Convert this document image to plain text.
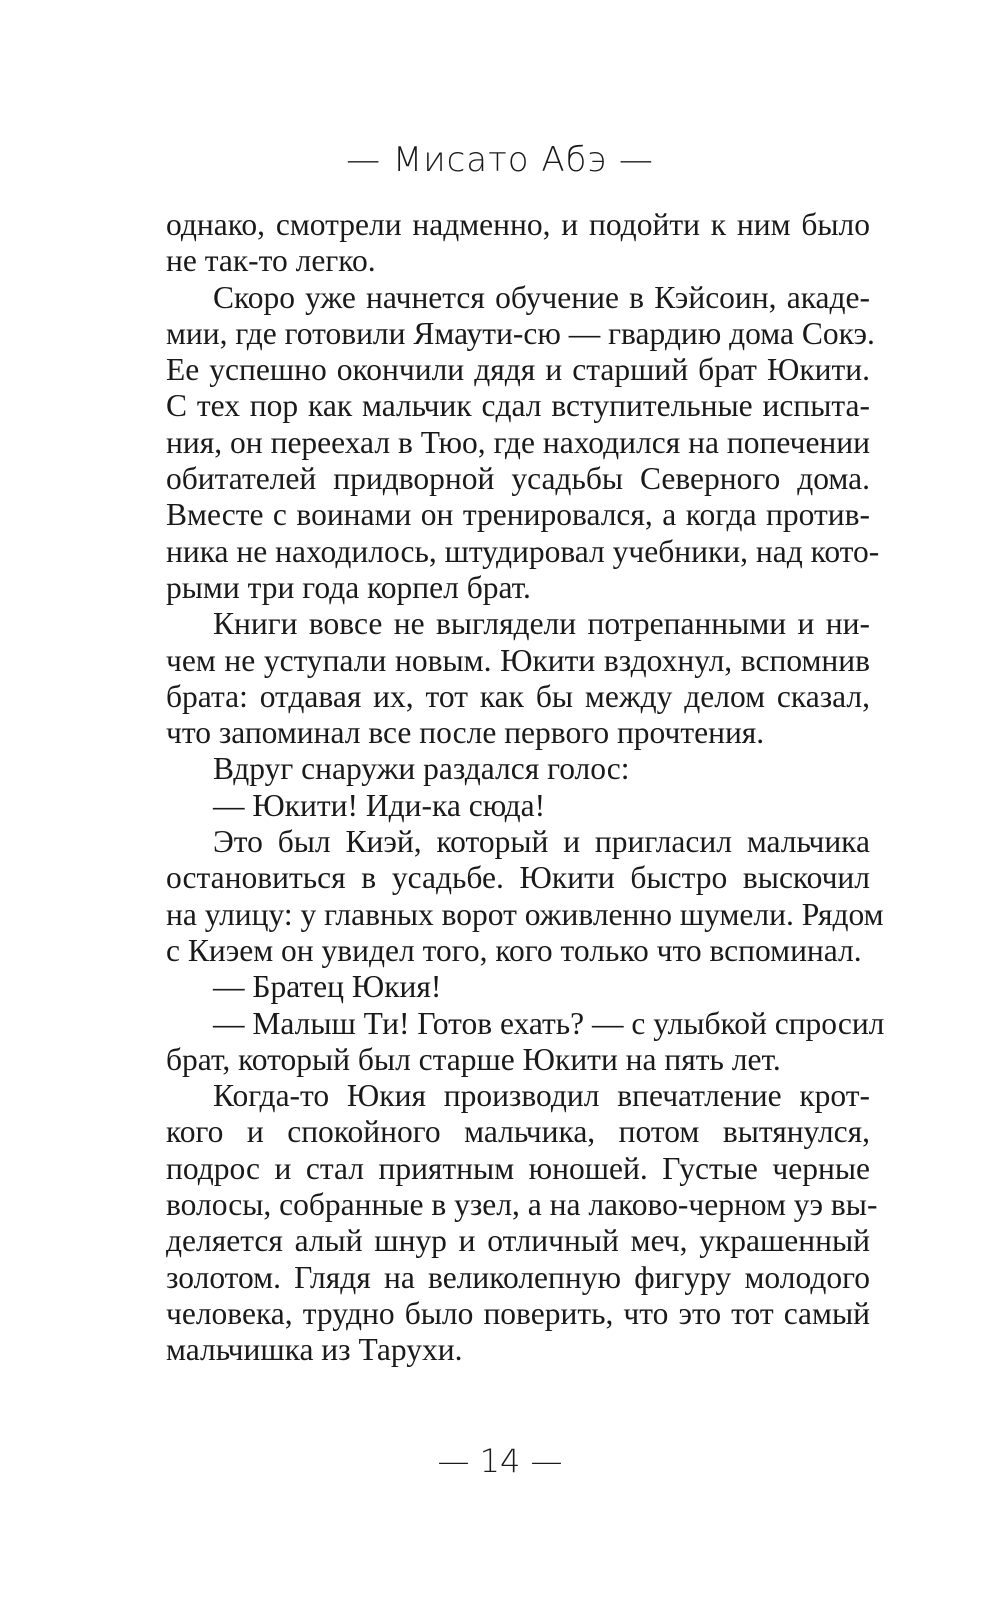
— Мисато Абэ —
однако, смотрели надменно, и подойти к ним было
не так-то легко.
Скоро уже начнется обучение в Кэйсоин, акаде-
мии, где готовили Ямаути-сю — гвардию дома Сокэ.
Ее успешно окончили дядя и старший брат Юкити.
С тех пор как мальчик сдал вступительные испыта-
ния, он переехал в Тюо, где находился на попечении
обитателей придворной усадьбы Северного дома.
Вместе с воинами он тренировался, а когда против-
ника не находилось, штудировал учебники, над кото-
рыми три года корпел брат.
Книги вовсе не выглядели потрепанными и ни-
чем не уступали новым. Юкити вздохнул, вспомнив
брата: отдавая их, тот как бы между делом сказал,
что запоминал все после первого прочтения.
Вдруг снаружи раздался голос:
— Юкити! Иди-ка сюда!
Это был Киэй, который и пригласил мальчика
остановиться в усадьбе. Юкити быстро выскочил
на улицу: у главных ворот оживленно шумели. Рядом
с Киэем он увидел того, кого только что вспоминал.
— Братец Юкия!
— Малыш Ти! Готов ехать? — с улыбкой спросил
брат, который был старше Юкити на пять лет.
Когда-то Юкия производил впечатление крот-
кого и спокойного мальчика, потом вытянулся,
подрос и стал приятным юношей. Густые черные
волосы, собранные в узел, а на лаково-черном уэ вы-
деляется алый шнур и отличный меч, украшенный
золотом. Глядя на великолепную фигуру молодого
человека, трудно было поверить, что это тот самый
мальчишка из Тарухи.
— 14 —
